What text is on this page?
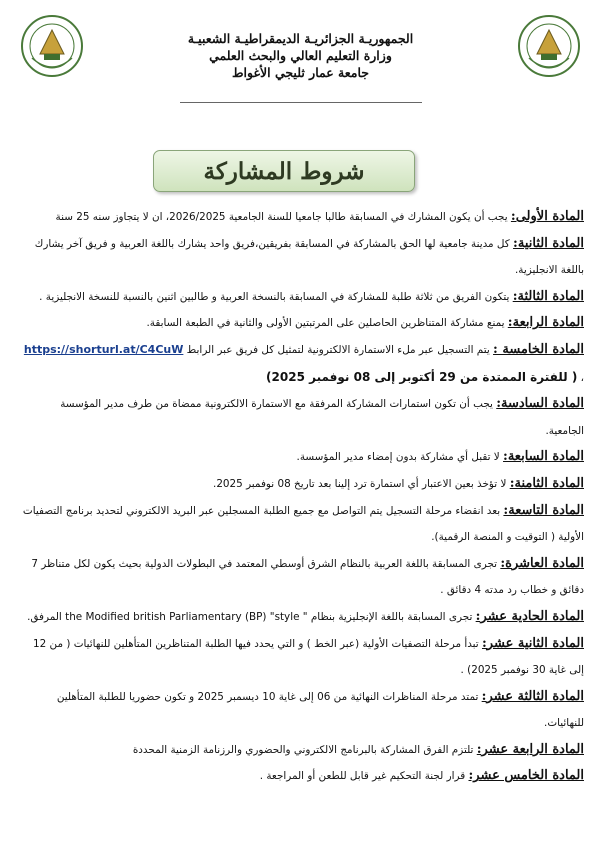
الجمهوريـة الجزائريـة الديمقراطيـة الشعبيـة
وزارة التعليم العالي والبحث العلمي
جامعة عمار ثليجي الأغواط
شروط المشاركة

المادة الأولى: يجب أن يكون المشارك في المسابقة طالبا جامعيا للسنة الجامعية 2026/2025، ان لا يتجاوز سنه 25 سنة

المادة الثانية: كل مدينة جامعية لها الحق بالمشاركة في المسابقة بفريقين،فريق واحد يشارك باللغة العربية و فريق آخر يشارك باللغة الانجليزية.

المادة الثالثة: يتكون الفريق من ثلاثة طلبة للمشاركة في المسابقة بالنسخة العربية و طالبين اثنين بالنسبة للنسخة الانجليزية .

المادة الرابعة: يمنع مشاركة المتناظرين الحاصلين على المرتبتين الأولى والثانية في الطبعة السابقة.

المادة الخامسة : يتم التسجيل عبر ملء الاستمارة الالكترونية لتمثيل كل فريق عبر الرابط https://shorturl.at/C4CuW ، ( للفترة الممتدة من 29 أكتوبر إلى 08 نوفمبر 2025)

المادة السادسة: يجب أن تكون استمارات المشاركة المرفقة مع الاستمارة الالكترونية ممضاة من طرف مدير المؤسسة الجامعية.

المادة السابعة: لا تقبل أي مشاركة بدون إمضاء مدير المؤسسة.

المادة الثامنة: لا تؤخذ بعين الاعتبار أي استمارة ترد إلينا بعد تاريخ 08 نوفمبر 2025.

المادة التاسعة: بعد انقضاء مرحلة التسجيل يتم التواصل مع جميع الطلبة المسجلين عبر البريد الالكتروني لتحديد برنامج التصفيات الأولية ( التوقيت و المنصة الرقمية).

المادة العاشرة: تجرى المسابقة باللغة العربية بالنظام الشرق أوسطي المعتمد في البطولات الدولية بحيث يكون لكل متناظر 7 دقائق و خطاب رد مدته 4 دقائق .

المادة الحادية عشر: تجرى المسابقة باللغة الإنجليزية بنظام " the Modified british Parliamentary (BP) "style المرفق.

المادة الثانية عشر: تبدأ مرحلة التصفيات الأولية (عبر الخط ) و التي يحدد فيها الطلبة المتناظرين المتأهلين للنهائيات ( من 12 إلى غاية 30 نوفمبر 2025) .

المادة الثالثة عشر: تمتد مرحلة المناظرات النهائية من 06 إلى غاية 10 ديسمبر 2025 و تكون حضوريا للطلبة المتأهلين للنهائيات.

المادة الرابعة عشر: تلتزم الفرق المشاركة بالبرنامج الالكتروني والحضوري والرزنامة الزمنية المحددة

المادة الخامس عشر: قرار لجنة التحكيم غير قابل للطعن أو المراجعة .
